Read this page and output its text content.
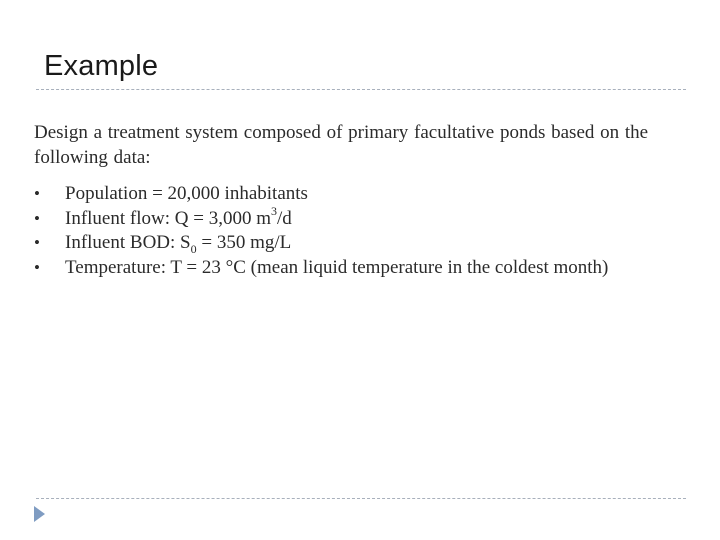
Example
Design a treatment system composed of primary facultative ponds based on the following data:
• Population = 20,000 inhabitants
• Influent flow: Q = 3,000 $m^3/d$
• Influent BOD: $S_0 = 350$ mg/L
• Temperature: T = 23 °C (mean liquid temperature in the coldest month)
